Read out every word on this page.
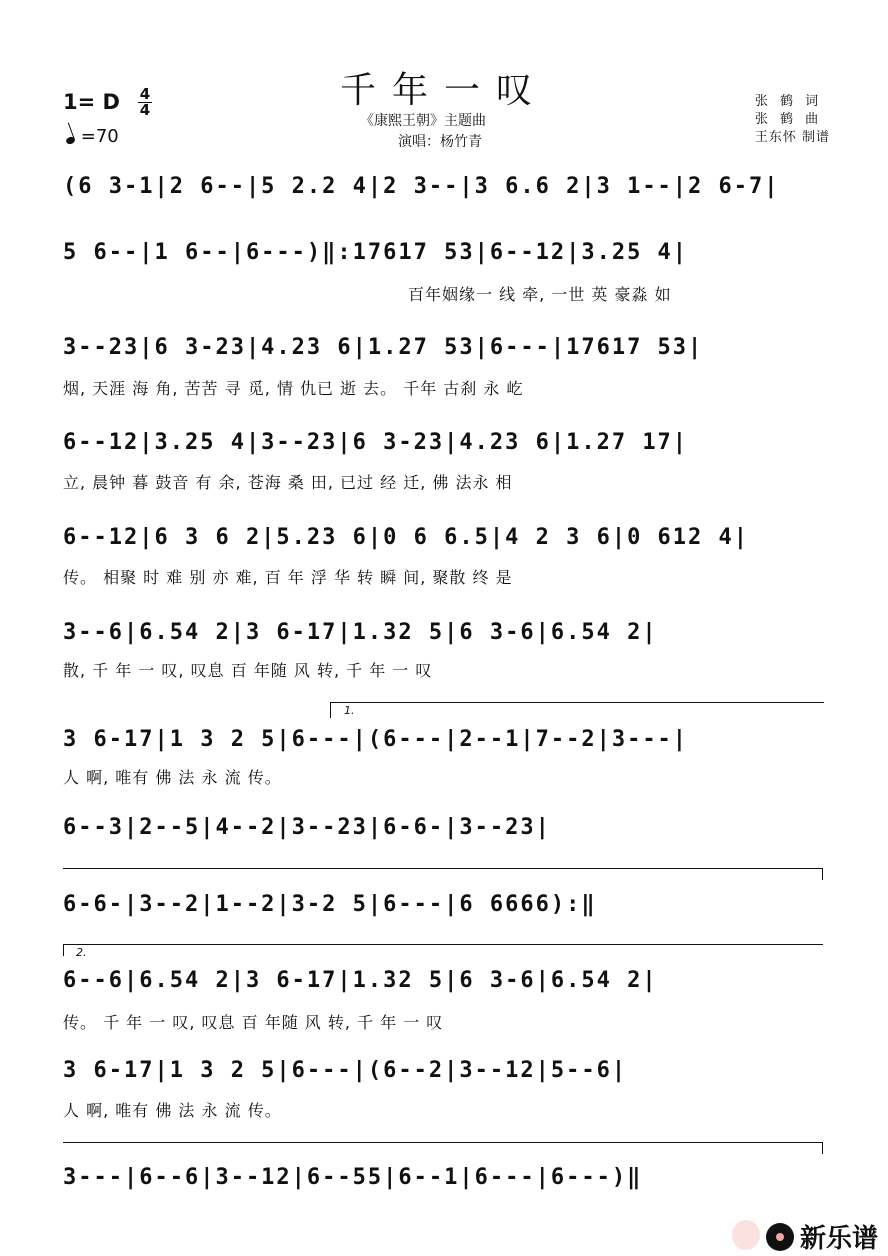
千年一叹
《康熙王朝》主题曲
演唱：杨竹青
张 鹤 词
张 鹤 曲
王东怀 制谱
1= D 4
4
=70
(6 3-1|2 6--|5 2.2 4|2 3--|3 6.6 2|3 1--|2 6-7|
5 6--|1 6--|6---)‖:17617 53|6--12|3.25 4|
百年姻缘一 线 牵, 一世 英 豪淼 如
3--23|6 3-23|4.23 6|1.27 53|6---|17617 53|
烟, 天涯 海 角, 苦苦 寻 觅, 情 仇已 逝 去。 千年 古刹 永 屹
6--12|3.25 4|3--23|6 3-23|4.23 6|1.27 17|
立, 晨钟 暮 鼓音 有 余, 苍海 桑 田, 已过 经 迁, 佛 法永 相
6--12|6 3 6 2|5.23 6|0 6 6.5|4 2 3 6|0 612 4|
传。 相聚 时 难 别 亦 难, 百 年 浮 华 转 瞬 间, 聚散 终 是
3--6|6.54 2|3 6-17|1.32 5|6 3-6|6.54 2|
散, 千 年 一 叹, 叹息 百 年随 风 转, 千 年 一 叹
1.
3 6-17|1 3 2 5|6---|(6---|2--1|7--2|3---|
人 啊, 唯有 佛 法 永 流 传。
6--3|2--5|4--2|3--23|6-6-|3--23|
6-6-|3--2|1--2|3-2 5|6---|6 6666):‖
2.
6--6|6.54 2|3 6-17|1.32 5|6 3-6|6.54 2|
传。 千 年 一 叹, 叹息 百 年随 风 转, 千 年 一 叹
3 6-17|1 3 2 5|6---|(6--2|3--12|5--6|
人 啊, 唯有 佛 法 永 流 传。
3---|6--6|3--12|6--55|6--1|6---|6---)‖
新乐谱
